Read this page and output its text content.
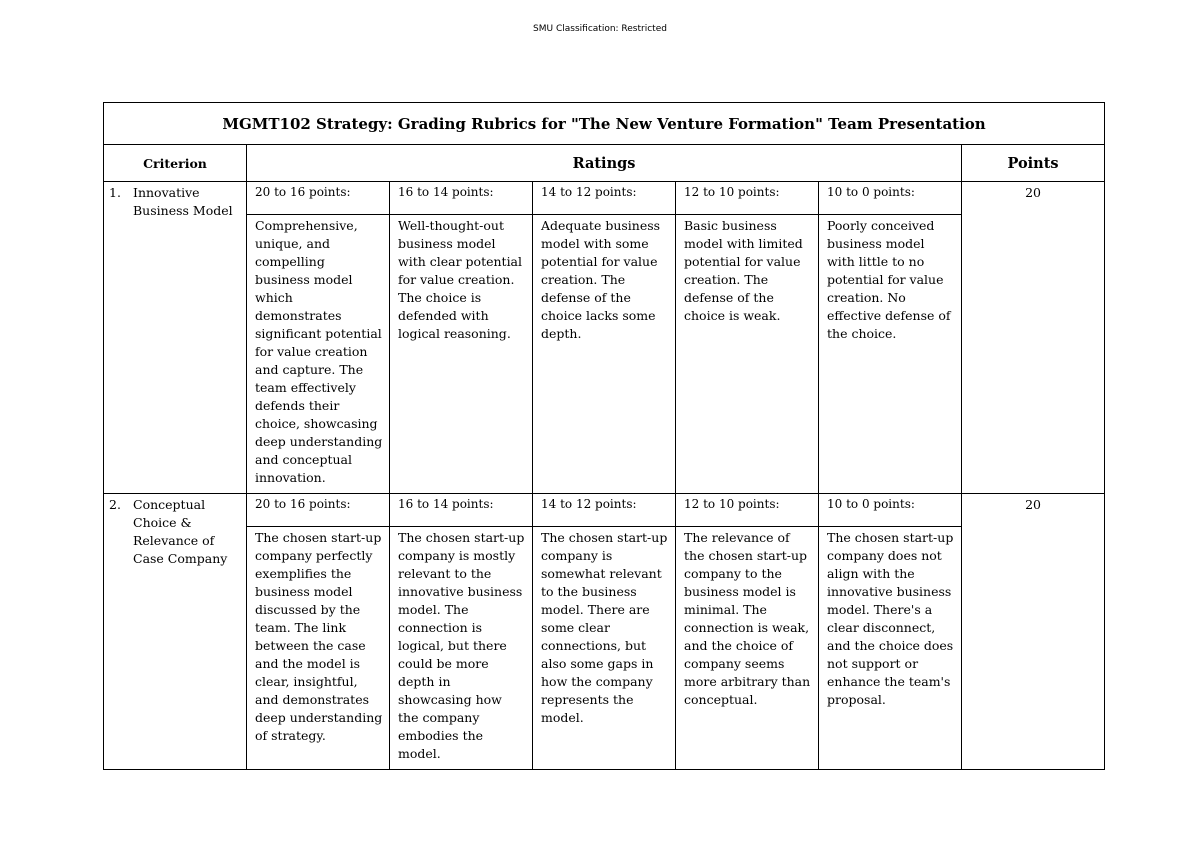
SMU Classification: Restricted
MGMT102 Strategy: Grading Rubrics for "The New Venture Formation" Team Presentation						
Criterion	Ratings					Points

1. Innovative Business Model	20 to 16 points:	16 to 14 points:	14 to 12 points:	12 to 10 points:	10 to 0 points:	20
	Comprehensive, unique, and compelling business model which demonstrates significant potential for value creation and capture. The team effectively defends their choice, showcasing deep understanding and conceptual innovation.	Well-thought-out business model with clear potential for value creation. The choice is defended with logical reasoning.	Adequate business model with some potential for value creation. The defense of the choice lacks some depth.	Basic business model with limited potential for value creation. The defense of the choice is weak.	Poorly conceived business model with little to no potential for value creation. No effective defense of the choice.	

2. Conceptual Choice & Relevance of Case Company	20 to 16 points:	16 to 14 points:	14 to 12 points:	12 to 10 points:	10 to 0 points:	20
	The chosen start-up company perfectly exemplifies the business model discussed by the team. The link between the case and the model is clear, insightful, and demonstrates deep understanding of strategy.	The chosen start-up company is mostly relevant to the innovative business model. The connection is logical, but there could be more depth in showcasing how the company embodies the model.	The chosen start-up company is somewhat relevant to the business model. There are some clear connections, but also some gaps in how the company represents the model.	The relevance of the chosen start-up company to the business model is minimal. The connection is weak, and the choice of company seems more arbitrary than conceptual.	The chosen start-up company does not align with the innovative business model. There's a clear disconnect, and the choice does not support or enhance the team's proposal.	
